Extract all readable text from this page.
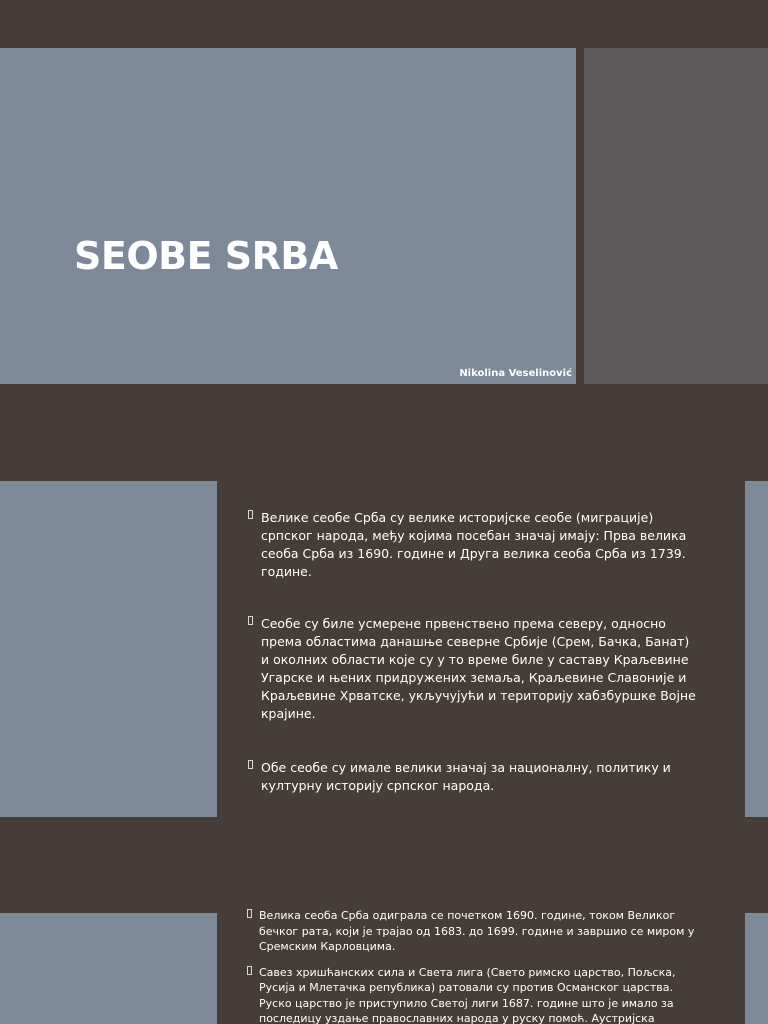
SEOBE SRBA
Nikolina Veselinović
Велике сеобе Срба су велике историјске сеобе (миграције) српског народа, међу којима посебан значај имају: Прва велика сеоба Срба из 1690. године и Друга велика сеоба Срба из 1739. године.
Сеобе су биле усмерене првенствено према северу, односно према областима данашње северне Србије (Срем, Бачка, Банат) и околних области које су у то време биле у саставу Краљевине Угарске и њених придружених земаља, Краљевине Славоније и Краљевине Хрватске, укључујући и територију хабзбуршке Војне крајине.
Обе сеобе су имале велики значај за националну, политику и културну историју српског народа.
Велика сеоба Срба одиграла се почетком 1690. године, током Великог бечког рата, који је трајао од 1683. до 1699. године и завршио се миром у Сремским Карловцима.
Савез хришћанских сила и Света лига (Свето римско царство, Пољска, Русија и Млетачка република) ратовали су против Османског царства. Руско царство је приступило Светој лиги 1687. године што је имало за последицу уздање православних народа у руску помоћ. Аустријска
